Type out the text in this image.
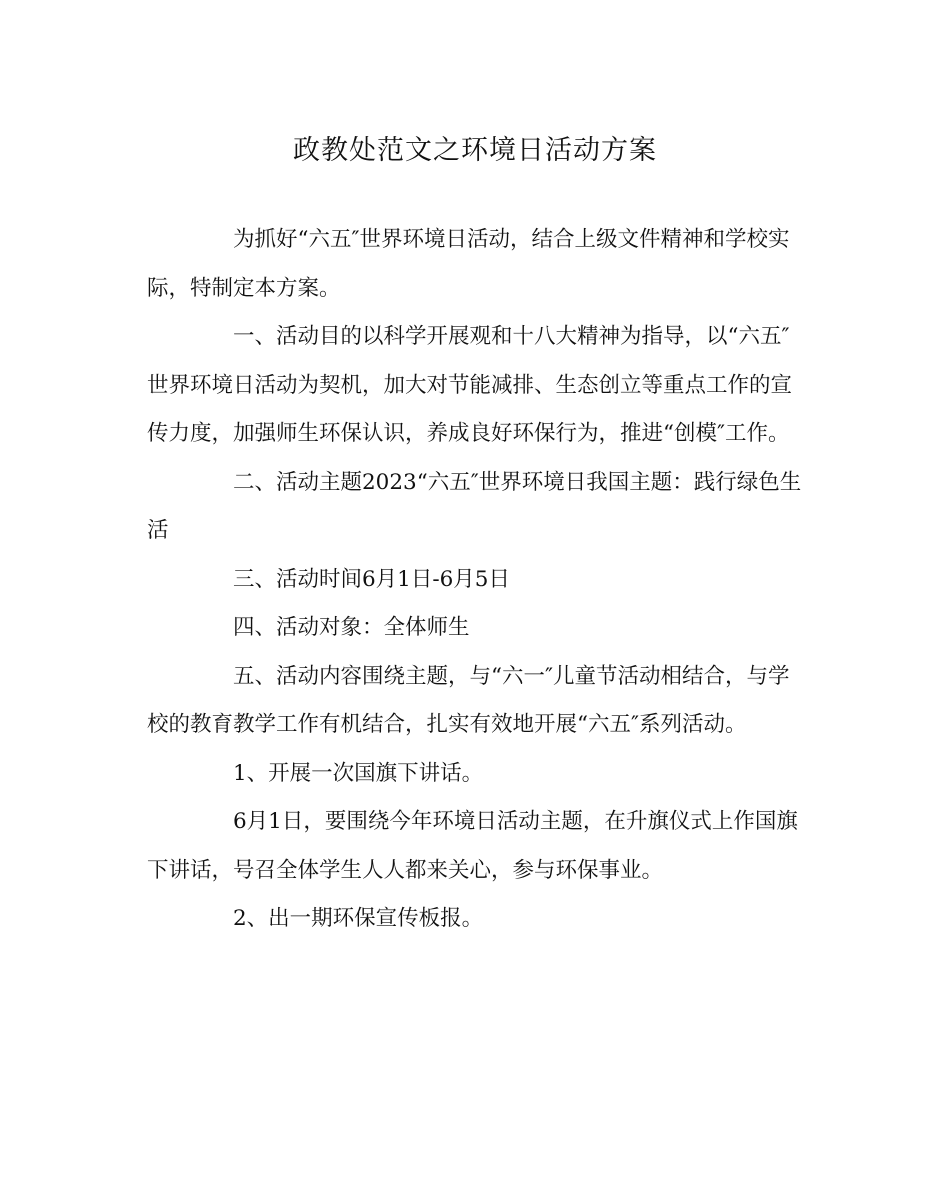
政教处范文之环境日活动方案

为抓好“六五″世界环境日活动，结合上级文件精神和学校实际，特制定本方案。

一、活动目的以科学开展观和十八大精神为指导，以“六五″世界环境日活动为契机，加大对节能减排、生态创立等重点工作的宣传力度，加强师生环保认识，养成良好环保行为，推进“创模″工作。

二、活动主题2023“六五″世界环境日我国主题：践行绿色生活

三、活动时间6月1日-6月5日

四、活动对象：全体师生

五、活动内容围绕主题，与“六一″儿童节活动相结合，与学校的教育教学工作有机结合，扎实有效地开展“六五″系列活动。

1、开展一次国旗下讲话。

6月1日，要围绕今年环境日活动主题，在升旗仪式上作国旗下讲话，号召全体学生人人都来关心，参与环保事业。

2、出一期环保宣传板报。
